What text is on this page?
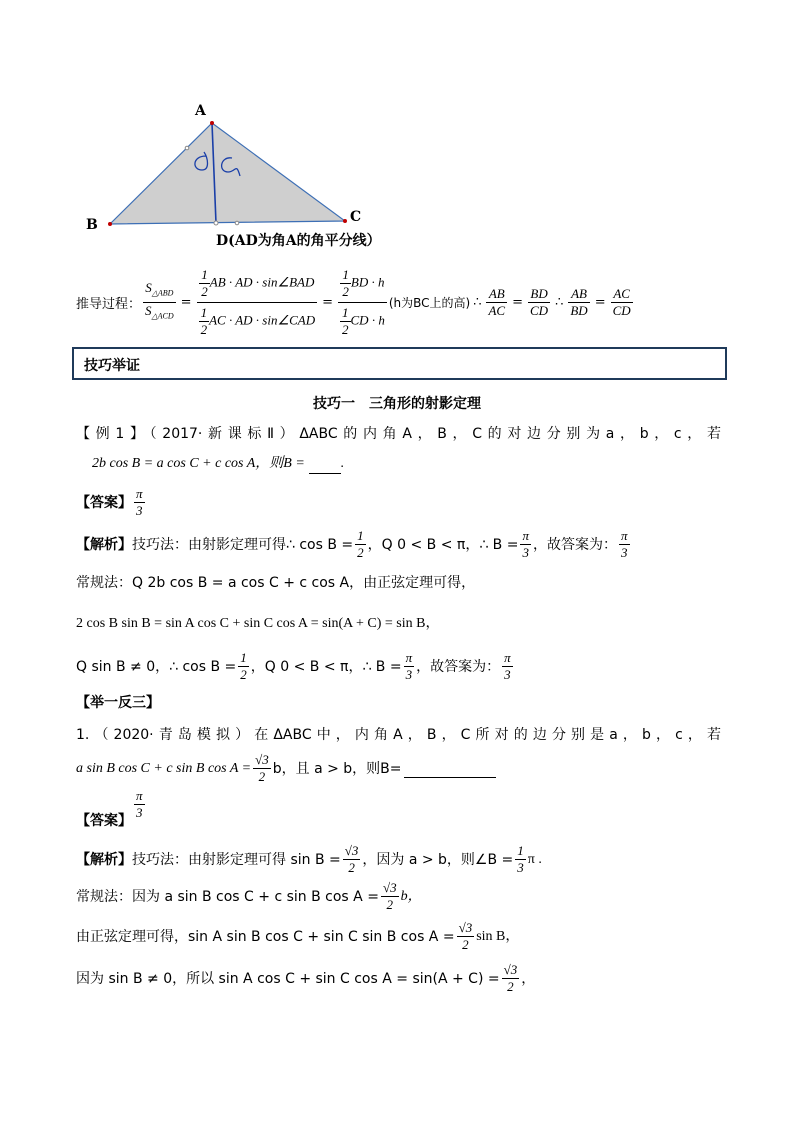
A
B	C
D(AD为角A的角平分线）
推导过程： $\frac{S_{\triangle ABD}}{S_{\triangle ACD}} = \frac{\frac{1}{2} AB \cdot AD \cdot \sin\angle BAD}{\frac{1}{2} AC \cdot AD \cdot \sin\angle CAD} = \frac{\frac{1}{2} BD \cdot h}{\frac{1}{2} CD \cdot h} (h$为BC上的高) ∴ $\frac{AB}{AC} = \frac{BD}{CD}$ ∴ $\frac{AB}{BD} = \frac{AC}{CD}$
技巧举证
技巧一　三角形的射影定理
【例1】（2017·新课标Ⅱ）ΔABC的内角A，B，C的对边分别为a，b，c，若
2b cos B = a cos C + c cos A，则B =	.
【答案】 $\frac{\pi}{3}$
【解析】 技巧法：由射影定理可得∴ $\cos B = \frac{1}{2}$ ，Q 0 < B < π，∴ $B = \frac{\pi}{3}$ ，故答案为： $\frac{\pi}{3}$
常规法：Q 2b cos B = a cos C + c cos A，由正弦定理可得，
2 cos B sin B = sin A cos C + sin C cos A = sin(A + C) = sin B，
Q sin B ≠ 0，∴ $\cos B = \frac{1}{2}$ ，Q 0 < B < π，∴ $B = \frac{\pi}{3}$ ，故答案为： $\frac{\pi}{3}$
【举一反三】
1.（2020·青岛模拟）在ΔABC中，内角A，B，C所对的边分别是a，b，c，若
a sin B cos C + c sin B $\cos A = \frac{√3}{2}$ b，且 a > b，则B=
【答案】 $\frac{\pi}{3}$
【解析】 技巧法：由射影定理可得 $\sin B = \frac{√3}{2}$ ，因为 a > b，则∠B = $\frac{1}{3}$ π .
常规法：因为 a sin B cos C + c sin B $\cos A = \frac{√3}{2}$ b，
由正弦定理可得，sin A sin B cos C + sin C sin B $\cos A = \frac{√3}{2}$ sin B，
因为 sin B ≠ 0，所以 sin A cos C + sin C $\cos A = \sin(A + C) = \frac{√3}{2}$ ，
